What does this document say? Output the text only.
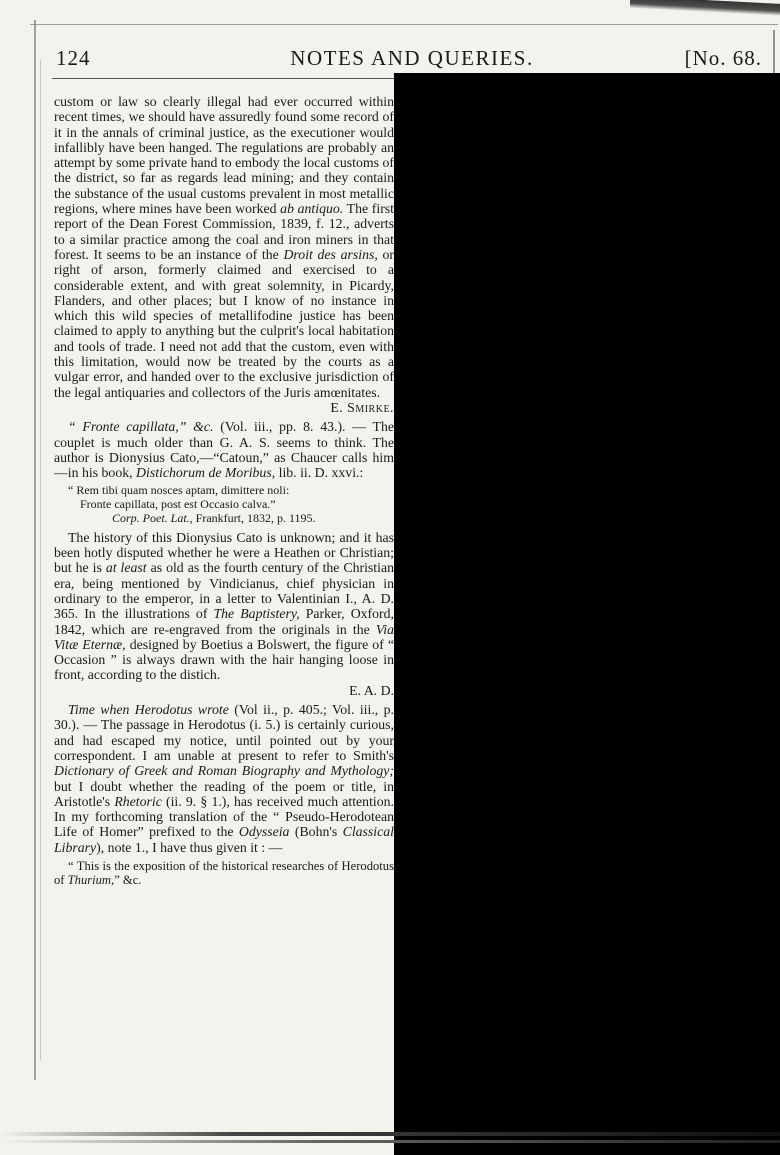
124	NOTES AND QUERIES.	[No. 68.

custom or law so clearly illegal had ever occurred within recent times, we should have assuredly found some record of it in the annals of criminal justice, as the executioner would infallibly have been hanged. The regulations are probably an attempt by some private hand to embody the local customs of the district, so far as regards lead mining; and they contain the substance of the usual customs prevalent in most metallic regions, where mines have been worked ab antiquo. The first report of the Dean Forest Commission, 1839, f. 12., adverts to a similar practice among the coal and iron miners in that forest. It seems to be an instance of the Droit des arsins, or right of arson, formerly claimed and exercised to a considerable extent, and with great solemnity, in Picardy, Flanders, and other places; but I know of no instance in which this wild species of metallifodine justice has been claimed to apply to anything but the culprit's local habitation and tools of trade. I need not add that the custom, even with this limitation, would now be treated by the courts as a vulgar error, and handed over to the exclusive jurisdiction of the legal antiquaries and collectors of the Juris amœnitates.

E. Smirke.

“ Fronte capillata,” &c. (Vol. iii., pp. 8. 43.). — The couplet is much older than G. A. S. seems to think. The author is Dionysius Cato,—“Catoun,” as Chaucer calls him—in his book, Distichorum de Moribus, lib. ii. D. xxvi.:

“ Rem tibi quam nosces aptam, dimittere noli:
Fronte capillata, post est Occasio calva.”
Corp. Poet. Lat., Frankfurt, 1832, p. 1195.

The history of this Dionysius Cato is unknown; and it has been hotly disputed whether he were a Heathen or Christian; but he is at least as old as the fourth century of the Christian era, being mentioned by Vindicianus, chief physician in ordinary to the emperor, in a letter to Valentinian I., A. D. 365. In the illustrations of The Baptistery, Parker, Oxford, 1842, which are re-engraved from the originals in the Via Vitæ Eternæ, designed by Boetius a Bolswert, the figure of “ Occasion ” is always drawn with the hair hanging loose in front, according to the distich.

E. A. D.

Time when Herodotus wrote (Vol ii., p. 405.; Vol. iii., p. 30.). — The passage in Herodotus (i. 5.) is certainly curious, and had escaped my notice, until pointed out by your correspondent. I am unable at present to refer to Smith's Dictionary of Greek and Roman Biography and Mythology; but I doubt whether the reading of the poem or title, in Aristotle's Rhetoric (ii. 9. § 1.), has received much attention. In my forthcoming translation of the “ Pseudo-Herodotean Life of Homer” prefixed to the Odysseia (Bohn's Classical Library), note 1., I have thus given it : —

“ This is the exposition of the historical researches of Herodotus of Thurium,” &c.
